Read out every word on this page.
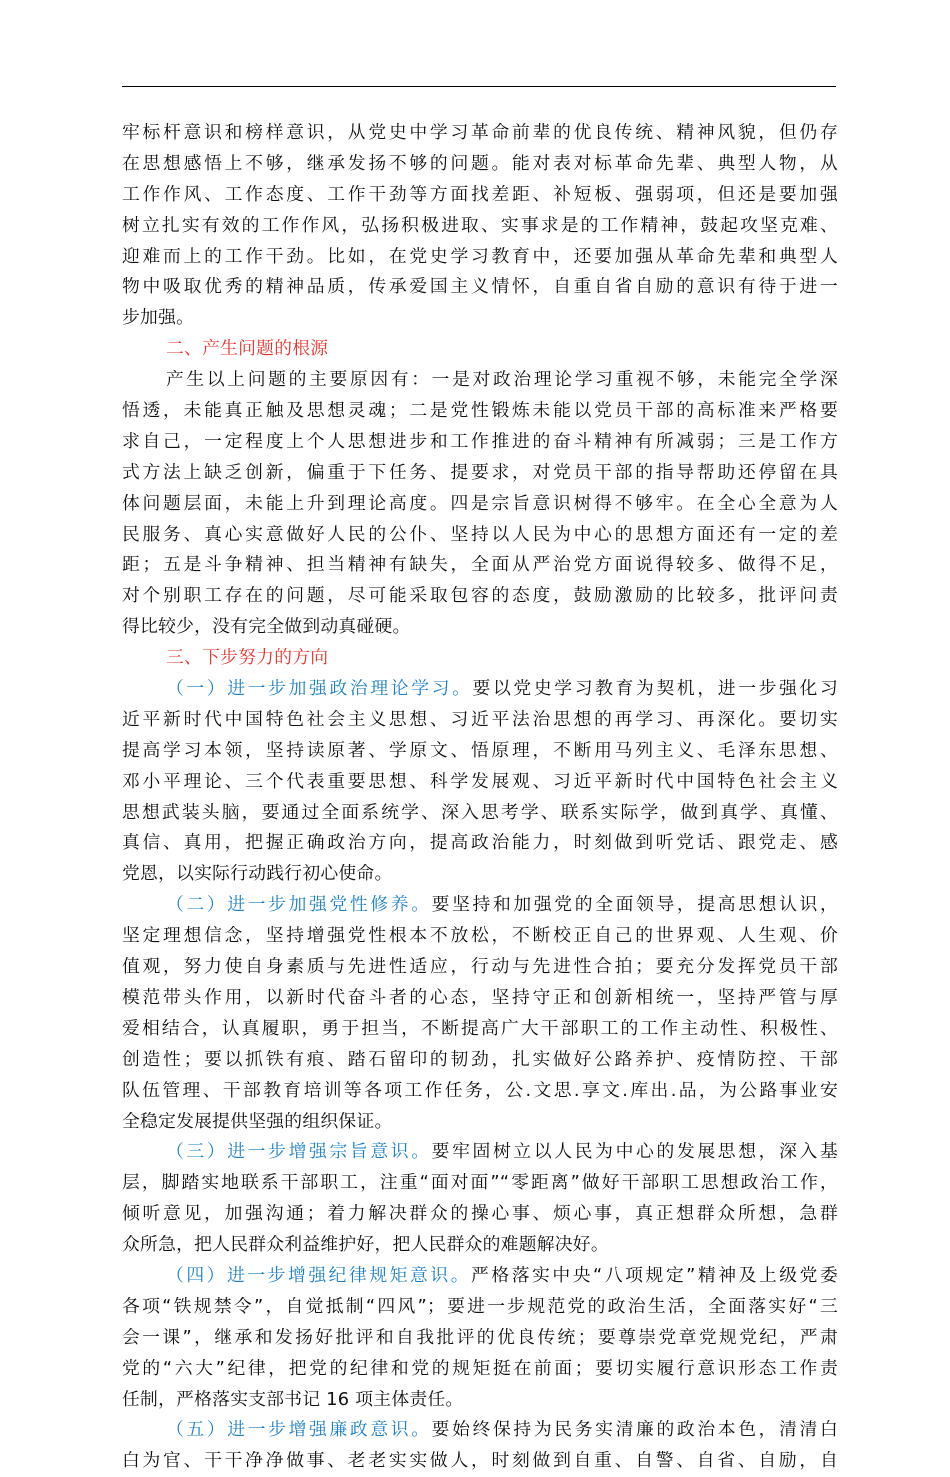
牢标杆意识和榜样意识，从党史中学习革命前辈的优良传统、精神风貌，但仍存
在思想感悟上不够，继承发扬不够的问题。能对表对标革命先辈、典型人物，从
工作作风、工作态度、工作干劲等方面找差距、补短板、强弱项，但还是要加强
树立扎实有效的工作作风，弘扬积极进取、实事求是的工作精神，鼓起攻坚克难、
迎难而上的工作干劲。比如，在党史学习教育中，还要加强从革命先辈和典型人
物中吸取优秀的精神品质，传承爱国主义情怀，自重自省自励的意识有待于进一
步加强。
二、产生问题的根源
产生以上问题的主要原因有：一是对政治理论学习重视不够，未能完全学深
悟透，未能真正触及思想灵魂；二是党性锻炼未能以党员干部的高标准来严格要
求自己，一定程度上个人思想进步和工作推进的奋斗精神有所减弱；三是工作方
式方法上缺乏创新，偏重于下任务、提要求，对党员干部的指导帮助还停留在具
体问题层面，未能上升到理论高度。四是宗旨意识树得不够牢。在全心全意为人
民服务、真心实意做好人民的公仆、坚持以人民为中心的思想方面还有一定的差
距；五是斗争精神、担当精神有缺失，全面从严治党方面说得较多、做得不足，
对个别职工存在的问题，尽可能采取包容的态度，鼓励激励的比较多，批评问责
得比较少，没有完全做到动真碰硬。
三、下步努力的方向
（一）进一步加强政治理论学习。要以党史学习教育为契机，进一步强化习
近平新时代中国特色社会主义思想、习近平法治思想的再学习、再深化。要切实
提高学习本领，坚持读原著、学原文、悟原理，不断用马列主义、毛泽东思想、
邓小平理论、三个代表重要思想、科学发展观、习近平新时代中国特色社会主义
思想武装头脑，要通过全面系统学、深入思考学、联系实际学，做到真学、真懂、
真信、真用，把握正确政治方向，提高政治能力，时刻做到听党话、跟党走、感
党恩，以实际行动践行初心使命。
（二）进一步加强党性修养。要坚持和加强党的全面领导，提高思想认识，
坚定理想信念，坚持增强党性根本不放松，不断校正自己的世界观、人生观、价
值观，努力使自身素质与先进性适应，行动与先进性合拍；要充分发挥党员干部
模范带头作用，以新时代奋斗者的心态，坚持守正和创新相统一，坚持严管与厚
爱相结合，认真履职，勇于担当，不断提高广大干部职工的工作主动性、积极性、
创造性；要以抓铁有痕、踏石留印的韧劲，扎实做好公路养护、疫情防控、干部
队伍管理、干部教育培训等各项工作任务，公.文思.享文.库出.品，为公路事业安
全稳定发展提供坚强的组织保证。
（三）进一步增强宗旨意识。要牢固树立以人民为中心的发展思想，深入基
层，脚踏实地联系干部职工，注重“面对面”“零距离”做好干部职工思想政治工作，
倾听意见，加强沟通；着力解决群众的操心事、烦心事，真正想群众所想，急群
众所急，把人民群众利益维护好，把人民群众的难题解决好。
（四）进一步增强纪律规矩意识。严格落实中央“八项规定”精神及上级党委
各项“铁规禁令”，自觉抵制“四风”；要进一步规范党的政治生活，全面落实好“三
会一课”，继承和发扬好批评和自我批评的优良传统；要尊崇党章党规党纪，严肃
党的“六大”纪律，把党的纪律和党的规矩挺在前面；要切实履行意识形态工作责
任制，严格落实支部书记 16 项主体责任。
（五）进一步增强廉政意识。要始终保持为民务实清廉的政治本色，清清白
白为官、干干净净做事、老老实实做人，时刻做到自重、自警、自省、自励，自
